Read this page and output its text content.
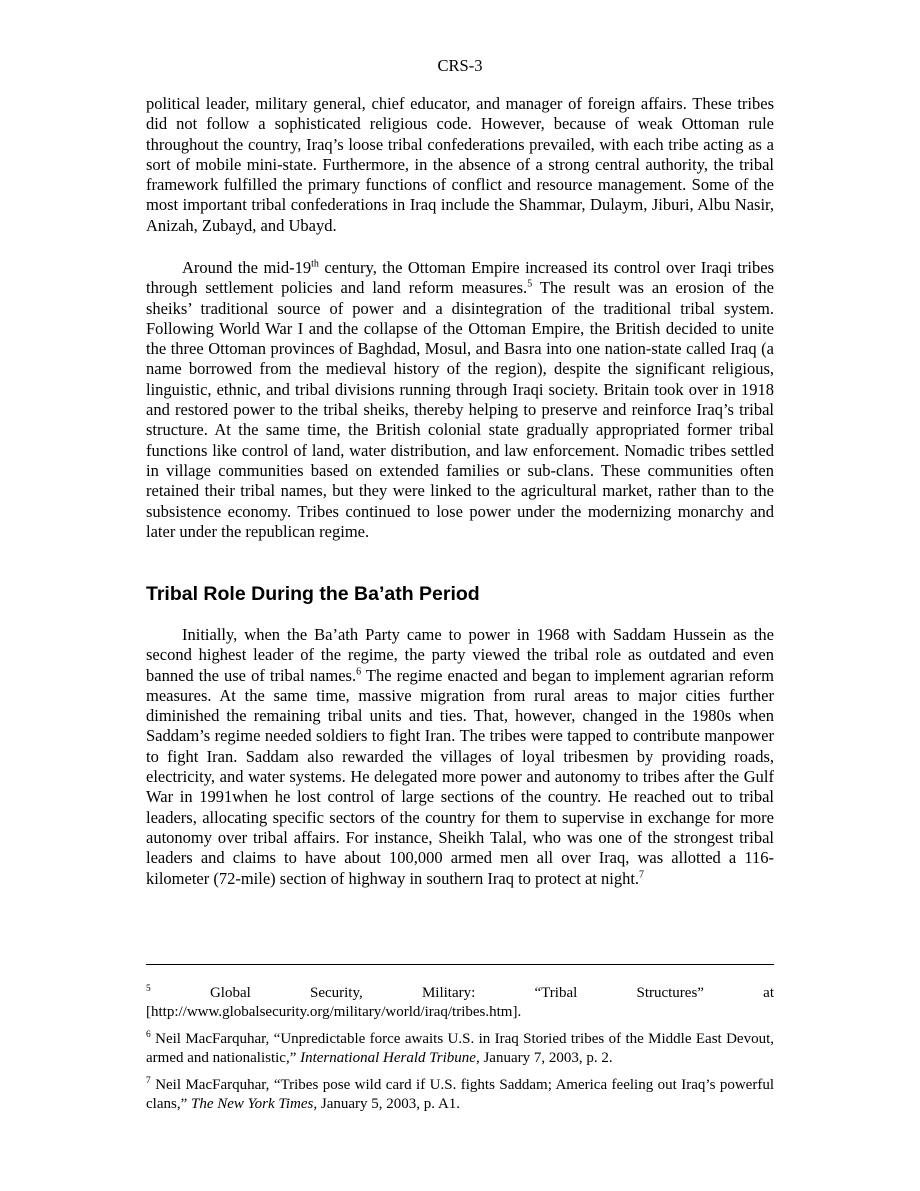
CRS-3

political leader, military general, chief educator, and manager of foreign affairs. These tribes did not follow a sophisticated religious code. However, because of weak Ottoman rule throughout the country, Iraq’s loose tribal confederations prevailed, with each tribe acting as a sort of mobile mini-state. Furthermore, in the absence of a strong central authority, the tribal framework fulfilled the primary functions of conflict and resource management. Some of the most important tribal confederations in Iraq include the Shammar, Dulaym, Jiburi, Albu Nasir, Anizah, Zubayd, and Ubayd.

Around the mid-19th century, the Ottoman Empire increased its control over Iraqi tribes through settlement policies and land reform measures.$^5$ The result was an erosion of the sheiks’ traditional source of power and a disintegration of the traditional tribal system. Following World War I and the collapse of the Ottoman Empire, the British decided to unite the three Ottoman provinces of Baghdad, Mosul, and Basra into one nation-state called Iraq (a name borrowed from the medieval history of the region), despite the significant religious, linguistic, ethnic, and tribal divisions running through Iraqi society. Britain took over in 1918 and restored power to the tribal sheiks, thereby helping to preserve and reinforce Iraq’s tribal structure. At the same time, the British colonial state gradually appropriated former tribal functions like control of land, water distribution, and law enforcement. Nomadic tribes settled in village communities based on extended families or sub-clans. These communities often retained their tribal names, but they were linked to the agricultural market, rather than to the subsistence economy. Tribes continued to lose power under the modernizing monarchy and later under the republican regime.

Tribal Role During the Ba’ath Period

Initially, when the Ba’ath Party came to power in 1968 with Saddam Hussein as the second highest leader of the regime, the party viewed the tribal role as outdated and even banned the use of tribal names.$^6$ The regime enacted and began to implement agrarian reform measures. At the same time, massive migration from rural areas to major cities further diminished the remaining tribal units and ties. That, however, changed in the 1980s when Saddam’s regime needed soldiers to fight Iran. The tribes were tapped to contribute manpower to fight Iran. Saddam also rewarded the villages of loyal tribesmen by providing roads, electricity, and water systems. He delegated more power and autonomy to tribes after the Gulf War in 1991when he lost control of large sections of the country. He reached out to tribal leaders, allocating specific sectors of the country for them to supervise in exchange for more autonomy over tribal affairs. For instance, Sheikh Talal, who was one of the strongest tribal leaders and claims to have about 100,000 armed men all over Iraq, was allotted a 116-kilometer (72-mile) section of highway in southern Iraq to protect at night.$^7$

$^5$ Global Security, Military: “Tribal Structures” at [http://www.globalsecurity.org/military/world/iraq/tribes.htm].

$^6$ Neil MacFarquhar, “Unpredictable force awaits U.S. in Iraq Storied tribes of the Middle East Devout, armed and nationalistic,” International Herald Tribune, January 7, 2003, p. 2.

$^7$ Neil MacFarquhar, “Tribes pose wild card if U.S. fights Saddam; America feeling out Iraq’s powerful clans,” The New York Times, January 5, 2003, p. A1.
